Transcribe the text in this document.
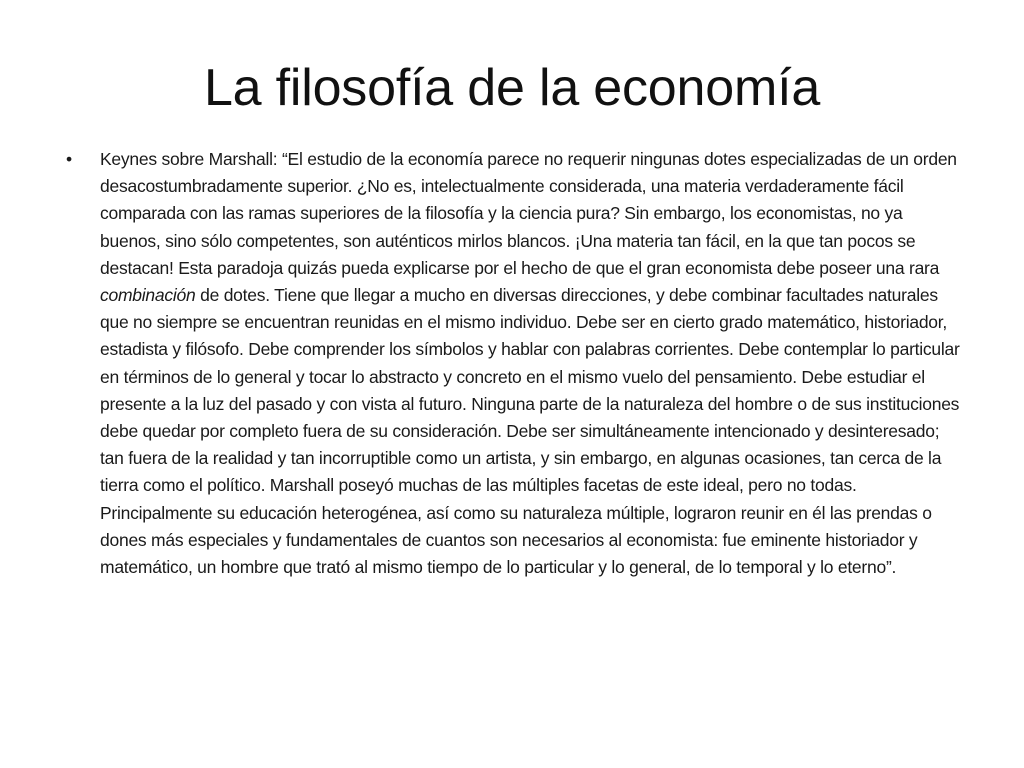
La filosofía de la economía
• Keynes sobre Marshall: “El estudio de la economía parece no requerir ningunas dotes especializadas de un orden desacostumbradamente superior. ¿No es, intelectualmente considerada, una materia verdaderamente fácil comparada con las ramas superiores de la filosofía y la ciencia pura? Sin embargo, los economistas, no ya buenos, sino sólo competentes, son auténticos mirlos blancos. ¡Una materia tan fácil, en la que tan pocos se destacan! Esta paradoja quizás pueda explicarse por el hecho de que el gran economista debe poseer una rara combinación de dotes. Tiene que llegar a mucho en diversas direcciones, y debe combinar facultades naturales que no siempre se encuentran reunidas en el mismo individuo. Debe ser en cierto grado matemático, historiador, estadista y filósofo. Debe comprender los símbolos y hablar con palabras corrientes. Debe contemplar lo particular en términos de lo general y tocar lo abstracto y concreto en el mismo vuelo del pensamiento. Debe estudiar el presente a la luz del pasado y con vista al futuro. Ninguna parte de la naturaleza del hombre o de sus instituciones debe quedar por completo fuera de su consideración. Debe ser simultáneamente intencionado y desinteresado; tan fuera de la realidad y tan incorruptible como un artista, y sin embargo, en algunas ocasiones, tan cerca de la tierra como el político. Marshall poseyó muchas de las múltiples facetas de este ideal, pero no todas. Principalmente su educación heterogénea, así como su naturaleza múltiple, lograron reunir en él las prendas o dones más especiales y fundamentales de cuantos son necesarios al economista: fue eminente historiador y matemático, un hombre que trató al mismo tiempo de lo particular y lo general, de lo temporal y lo eterno”.
